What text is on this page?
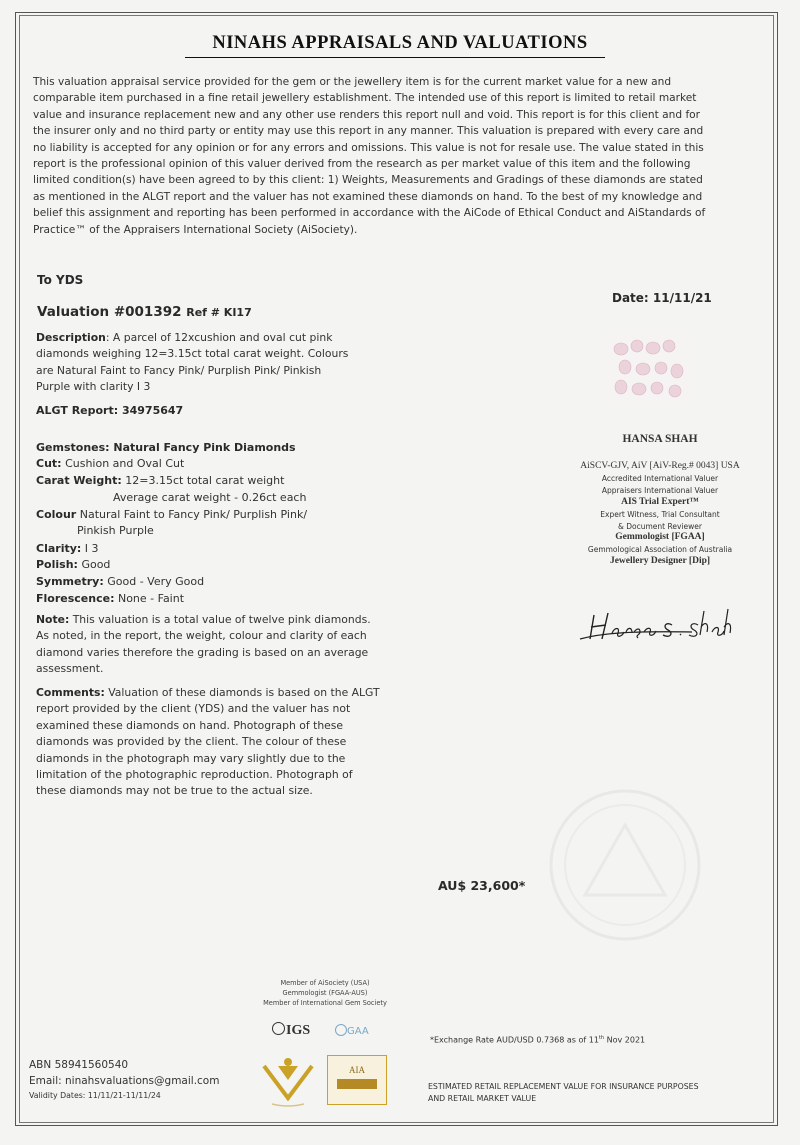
NINAHS APPRAISALS AND VALUATIONS
This valuation appraisal service provided for the gem or the jewellery item is for the current market value for a new and
comparable item purchased in a fine retail jewellery establishment. The intended use of this report is limited to retail market
value and insurance replacement new and any other use renders this report null and void. This report is for this client and for
the insurer only and no third party or entity may use this report in any manner. This valuation is prepared with every care and
no liability is accepted for any opinion or for any errors and omissions. This value is not for resale use. The value stated in this
report is the professional opinion of this valuer derived from the research as per market value of this item and the following
limited condition(s) have been agreed to by this client: 1) Weights, Measurements and Gradings of these diamonds are stated
as mentioned in the ALGT report and the valuer has not examined these diamonds on hand. To the best of my knowledge and
belief this assignment and reporting has been performed in accordance with the AiCode of Ethical Conduct and AiStandards of
Practice™ of the Appraisers International Society (AiSociety).
To YDS
Date: 11/11/21
Valuation #001392 Ref # KI17
Description: A parcel of 12xcushion and oval cut pink
diamonds weighing 12=3.15ct total carat weight. Colours
are Natural Faint to Fancy Pink/ Purplish Pink/ Pinkish
Purple with clarity I 3
ALGT Report: 34975647
Gemstones: Natural Fancy Pink Diamonds
Cut: Cushion and Oval Cut
Carat Weight: 12=3.15ct total carat weight
Average carat weight - 0.26ct each
Colour Natural Faint to Fancy Pink/ Purplish Pink/
Pinkish Purple
Clarity: I 3
Polish: Good
Symmetry: Good - Very Good
Florescence: None - Faint
Note: This valuation is a total value of twelve pink diamonds.
As noted, in the report, the weight, colour and clarity of each
diamond varies therefore the grading is based on an average
assessment.
Comments: Valuation of these diamonds is based on the ALGT
report provided by the client (YDS) and the valuer has not
examined these diamonds on hand. Photograph of these
diamonds was provided by the client. The colour of these
diamonds in the photograph may vary slightly due to the
limitation of the photographic reproduction. Photograph of
these diamonds may not be true to the actual size.
HANSA SHAH
AiSCV-GJV, AiV [AiV-Reg.# 0043] USA
Accredited International Valuer
Appraisers International Valuer
AIS Trial Expert™
Expert Witness, Trial Consultant
& Document Reviewer
Gemmologist [FGAA]
Gemmological Association of Australia
Jewellery Designer [Dip]
AU$ 23,600*
Member of AiSociety (USA)
Gemmologist (FGAA-AUS)
Member of International Gem Society
IGS	GAA
AIA
*Exchange Rate AUD/USD 0.7368 as of 11th Nov 2021
ABN 58941560540
Email: ninahsvaluations@gmail.com
Validity Dates: 11/11/21-11/11/24
ESTIMATED RETAIL REPLACEMENT VALUE FOR INSURANCE PURPOSES
AND RETAIL MARKET VALUE
